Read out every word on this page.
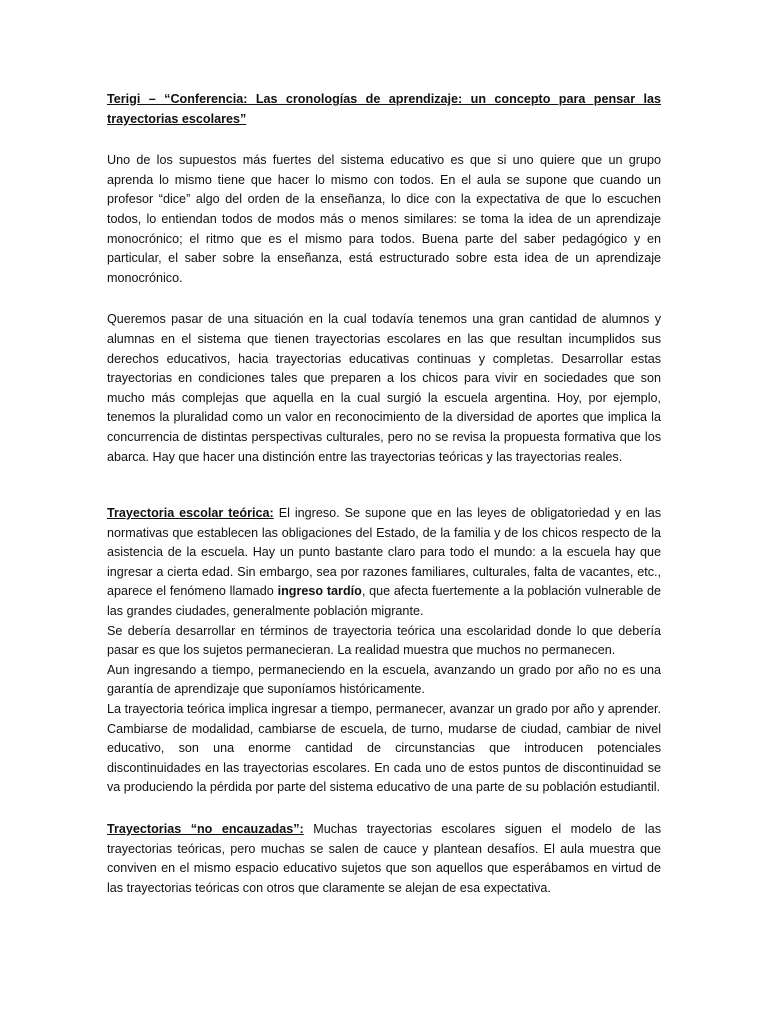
Terigi – “Conferencia: Las cronologías de aprendizaje: un concepto para pensar las trayectorias escolares”

Uno de los supuestos más fuertes del sistema educativo es que si uno quiere que un grupo aprenda lo mismo tiene que hacer lo mismo con todos. En el aula se supone que cuando un profesor “dice” algo del orden de la enseñanza, lo dice con la expectativa de que lo escuchen todos, lo entiendan todos de modos más o menos similares: se toma la idea de un aprendizaje monocrónico; el ritmo que es el mismo para todos. Buena parte del saber pedagógico y en particular, el saber sobre la enseñanza, está estructurado sobre esta idea de un aprendizaje monocrónico.

Queremos pasar de una situación en la cual todavía tenemos una gran cantidad de alumnos y alumnas en el sistema que tienen trayectorias escolares en las que resultan incumplidos sus derechos educativos, hacia trayectorias educativas continuas y completas. Desarrollar estas trayectorias en condiciones tales que preparen a los chicos para vivir en sociedades que son mucho más complejas que aquella en la cual surgió la escuela argentina. Hoy, por ejemplo, tenemos la pluralidad como un valor en reconocimiento de la diversidad de aportes que implica la concurrencia de distintas perspectivas culturales, pero no se revisa la propuesta formativa que los abarca. Hay que hacer una distinción entre las trayectorias teóricas y las trayectorias reales.

Trayectoria escolar teórica: El ingreso. Se supone que en las leyes de obligatoriedad y en las normativas que establecen las obligaciones del Estado, de la familia y de los chicos respecto de la asistencia de la escuela. Hay un punto bastante claro para todo el mundo: a la escuela hay que ingresar a cierta edad. Sin embargo, sea por razones familiares, culturales, falta de vacantes, etc., aparece el fenómeno llamado ingreso tardío, que afecta fuertemente a la población vulnerable de las grandes ciudades, generalmente población migrante.
Se debería desarrollar en términos de trayectoria teórica una escolaridad donde lo que debería pasar es que los sujetos permanecieran. La realidad muestra que muchos no permanecen.
Aun ingresando a tiempo, permaneciendo en la escuela, avanzando un grado por año no es una garantía de aprendizaje que suponíamos históricamente.
La trayectoria teórica implica ingresar a tiempo, permanecer, avanzar un grado por año y aprender. Cambiarse de modalidad, cambiarse de escuela, de turno, mudarse de ciudad, cambiar de nivel educativo, son una enorme cantidad de circunstancias que introducen potenciales discontinuidades en las trayectorias escolares. En cada uno de estos puntos de discontinuidad se va produciendo la pérdida por parte del sistema educativo de una parte de su población estudiantil.

Trayectorias “no encauzadas”: Muchas trayectorias escolares siguen el modelo de las trayectorias teóricas, pero muchas se salen de cauce y plantean desafíos. El aula muestra que conviven en el mismo espacio educativo sujetos que son aquellos que esperábamos en virtud de las trayectorias teóricas con otros que claramente se alejan de esa expectativa.
